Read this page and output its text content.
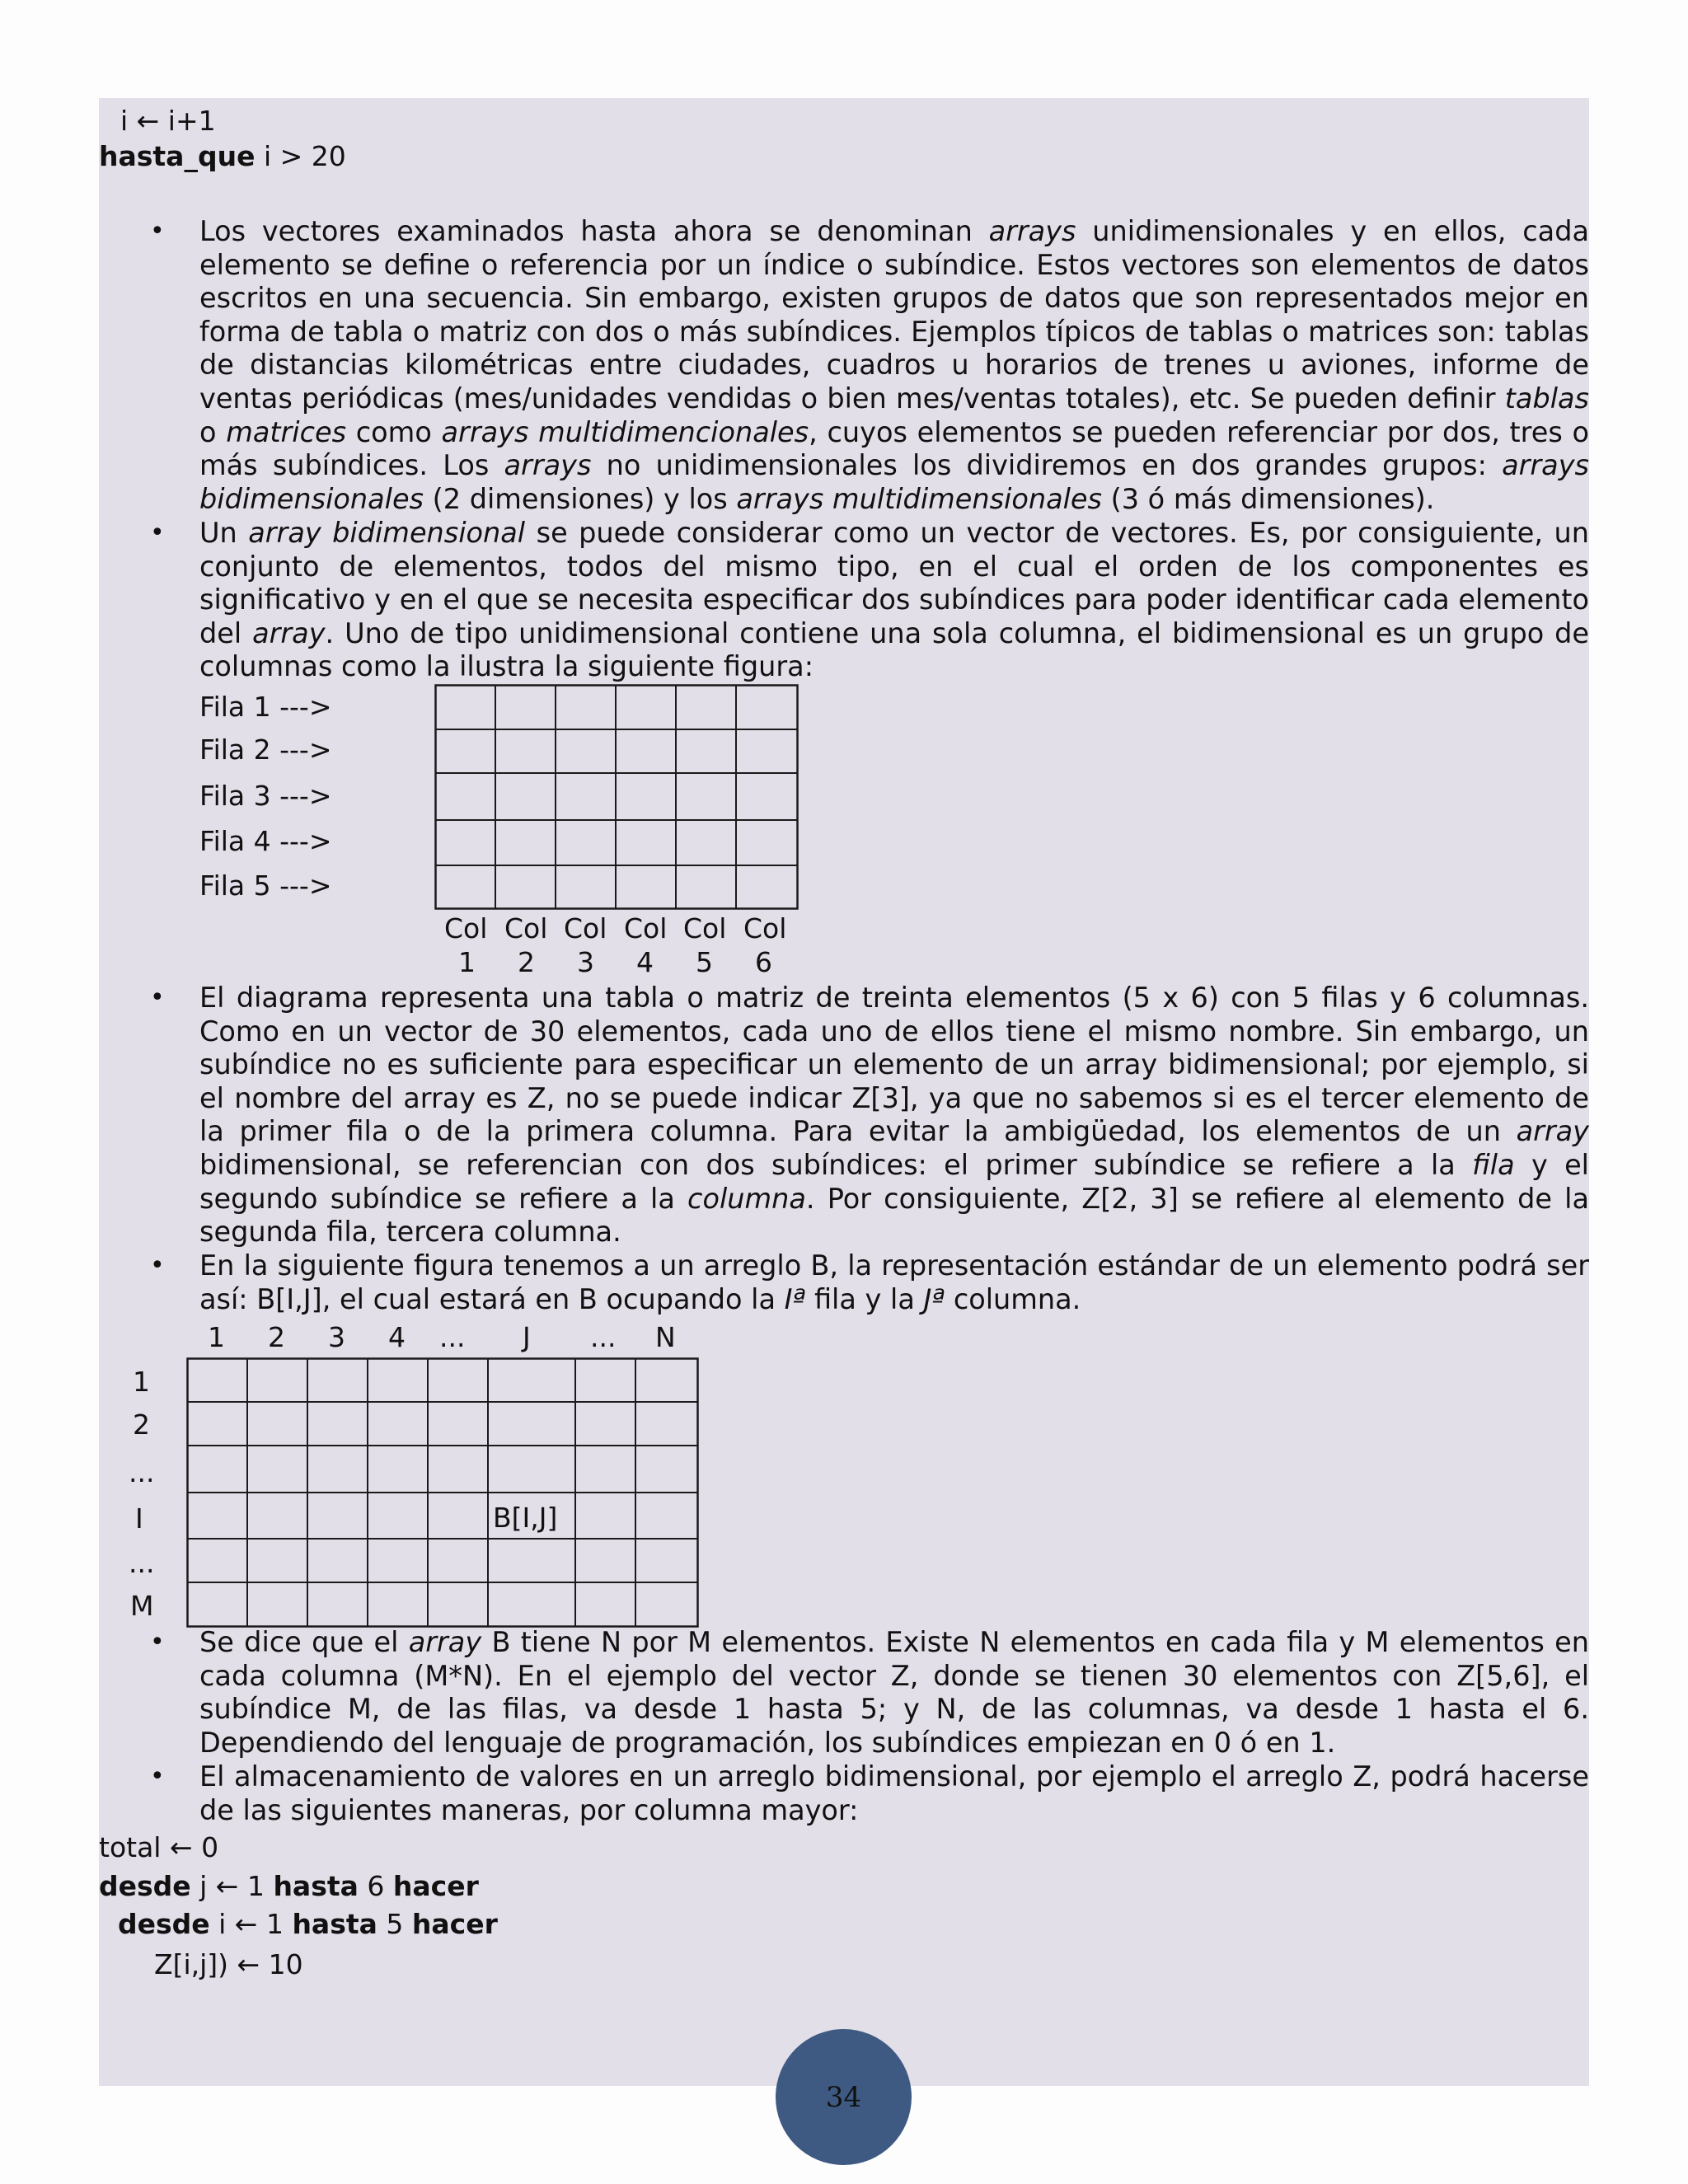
i ← i+1
hasta_que i > 20
• Los vectores examinados hasta ahora se denominan arrays unidimensionales y en ellos, cada elemento se define o referencia por un índice o subíndice. Estos vectores son elementos de datos escritos en una secuencia. Sin embargo, existen grupos de datos que son representados mejor en forma de tabla o matriz con dos o más subíndices. Ejemplos típicos de tablas o matrices son: tablas de distancias kilométricas entre ciudades, cuadros u horarios de trenes u aviones, informe de ventas periódicas (mes/unidades vendidas o bien mes/ventas totales), etc. Se pueden definir tablas o matrices como arrays multidimencionales, cuyos elementos se pueden referenciar por dos, tres o más subíndices. Los arrays no unidimensionales los dividiremos en dos grandes grupos: arrays bidimensionales (2 dimensiones) y los arrays multidimensionales (3 ó más dimensiones).

• Un array bidimensional se puede considerar como un vector de vectores. Es, por consiguiente, un conjunto de elementos, todos del mismo tipo, en el cual el orden de los componentes es significativo y en el que se necesita especificar dos subíndices para poder identificar cada elemento del array. Uno de tipo unidimensional contiene una sola columna, el bidimensional es un grupo de columnas como la ilustra la siguiente figura:

Fila 1 --->
Fila 2 --->
Fila 3 --->
Fila 4 --->
Fila 5 --->
Col Col Col Col Col Col
1 2 3 4 5 6
• El diagrama representa una tabla o matriz de treinta elementos (5 x 6) con 5 filas y 6 columnas. Como en un vector de 30 elementos, cada uno de ellos tiene el mismo nombre. Sin embargo, un subíndice no es suficiente para especificar un elemento de un array bidimensional; por ejemplo, si el nombre del array es Z, no se puede indicar Z[3], ya que no sabemos si es el tercer elemento de la primer fila o de la primera columna. Para evitar la ambigüedad, los elementos de un array bidimensional, se referencian con dos subíndices: el primer subíndice se refiere a la fila y el segundo subíndice se refiere a la columna. Por consiguiente, Z[2, 3] se refiere al elemento de la segunda fila, tercera columna.

• En la siguiente figura tenemos a un arreglo B, la representación estándar de un elemento podrá ser así: B[I,J], el cual estará en B ocupando la Iª fila y la Jª columna.

1 2 3 4 ... J ... N
1
2
...
I
...
M
B[I,J]
• Se dice que el array B tiene N por M elementos. Existe N elementos en cada fila y M elementos en cada columna (M*N). En el ejemplo del vector Z, donde se tienen 30 elementos con Z[5,6], el subíndice M, de las filas, va desde 1 hasta 5; y N, de las columnas, va desde 1 hasta el 6. Dependiendo del lenguaje de programación, los subíndices empiezan en 0 ó en 1.

• El almacenamiento de valores en un arreglo bidimensional, por ejemplo el arreglo Z, podrá hacerse de las siguientes maneras, por columna mayor:

total ← 0
desde j ← 1 hasta 6 hacer
desde i ← 1 hasta 5 hacer
Z[i,j]) ← 10
34
